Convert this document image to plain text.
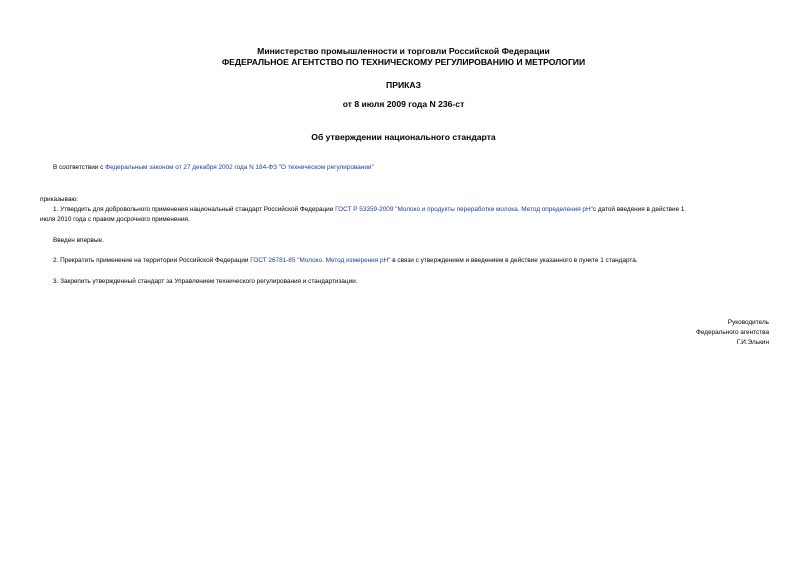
Министерство промышленности и торговли Российской Федерации
ФЕДЕРАЛЬНОЕ АГЕНТСТВО ПО ТЕХНИЧЕСКОМУ РЕГУЛИРОВАНИЮ И МЕТРОЛОГИИ
ПРИКАЗ
от 8 июля 2009 года N 236-ст
Об утверждении национального стандарта
В соответствии с Федеральным законом от 27 декабря 2002 года N 184-ФЗ "О техническом регулировании"
приказываю:
1. Утвердить для добровольного применения национальный стандарт Российской Федерации ГОСТ Р 53359-2009 "Молоко и продукты переработки молока. Метод определения pH"с датой введения в действие 1
июля 2010 года с правом досрочного применения.
Введен впервые.
2. Прекратить применение на территории Российской Федерации ГОСТ 26781-85 "Молоко. Метод измерения pH" в связи с утверждением и введением в действие указанного в пункте 1 стандарта.
3. Закрепить утвержденный стандарт за Управлением технического регулирования и стандартизации.
Руководитель
Федерального агентства
Г.И.Элькин
